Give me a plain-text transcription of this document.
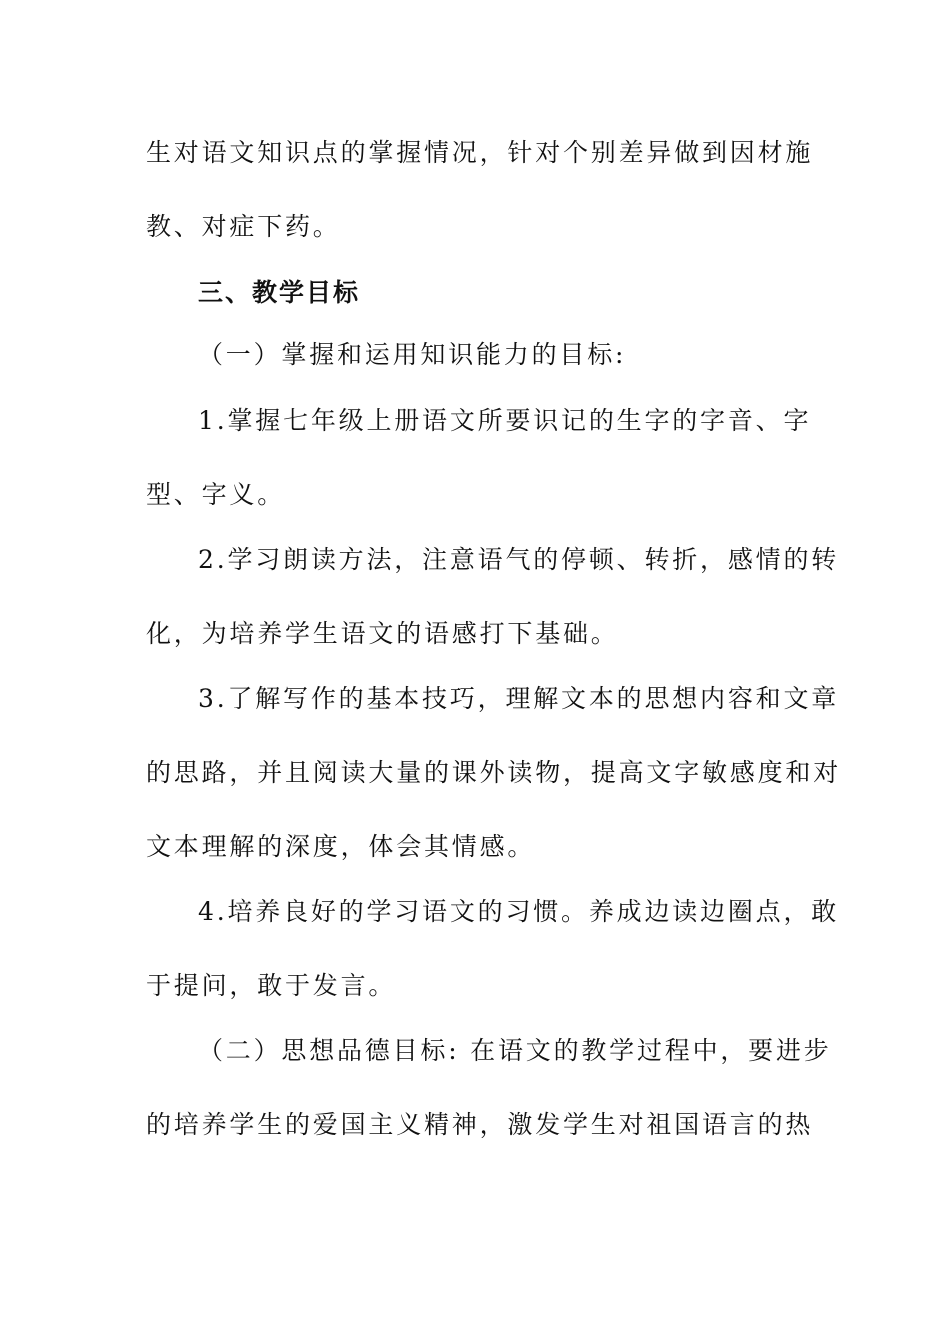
生对语文知识点的掌握情况，针对个别差异做到因材施
教、对症下药。
三、教学目标
（一）掌握和运用知识能力的目标:
1.掌握七年级上册语文所要识记的生字的字音、字
型、字义。
2.学习朗读方法，注意语气的停顿、转折，感情的转
化，为培养学生语文的语感打下基础。
3.了解写作的基本技巧，理解文本的思想内容和文章
的思路，并且阅读大量的课外读物，提高文字敏感度和对
文本理解的深度，体会其情感。
4.培养良好的学习语文的习惯。养成边读边圈点，敢
于提问，敢于发言。
（二）思想品德目标: 在语文的教学过程中，要进步
的培养学生的爱国主义精神，激发学生对祖国语言的热
